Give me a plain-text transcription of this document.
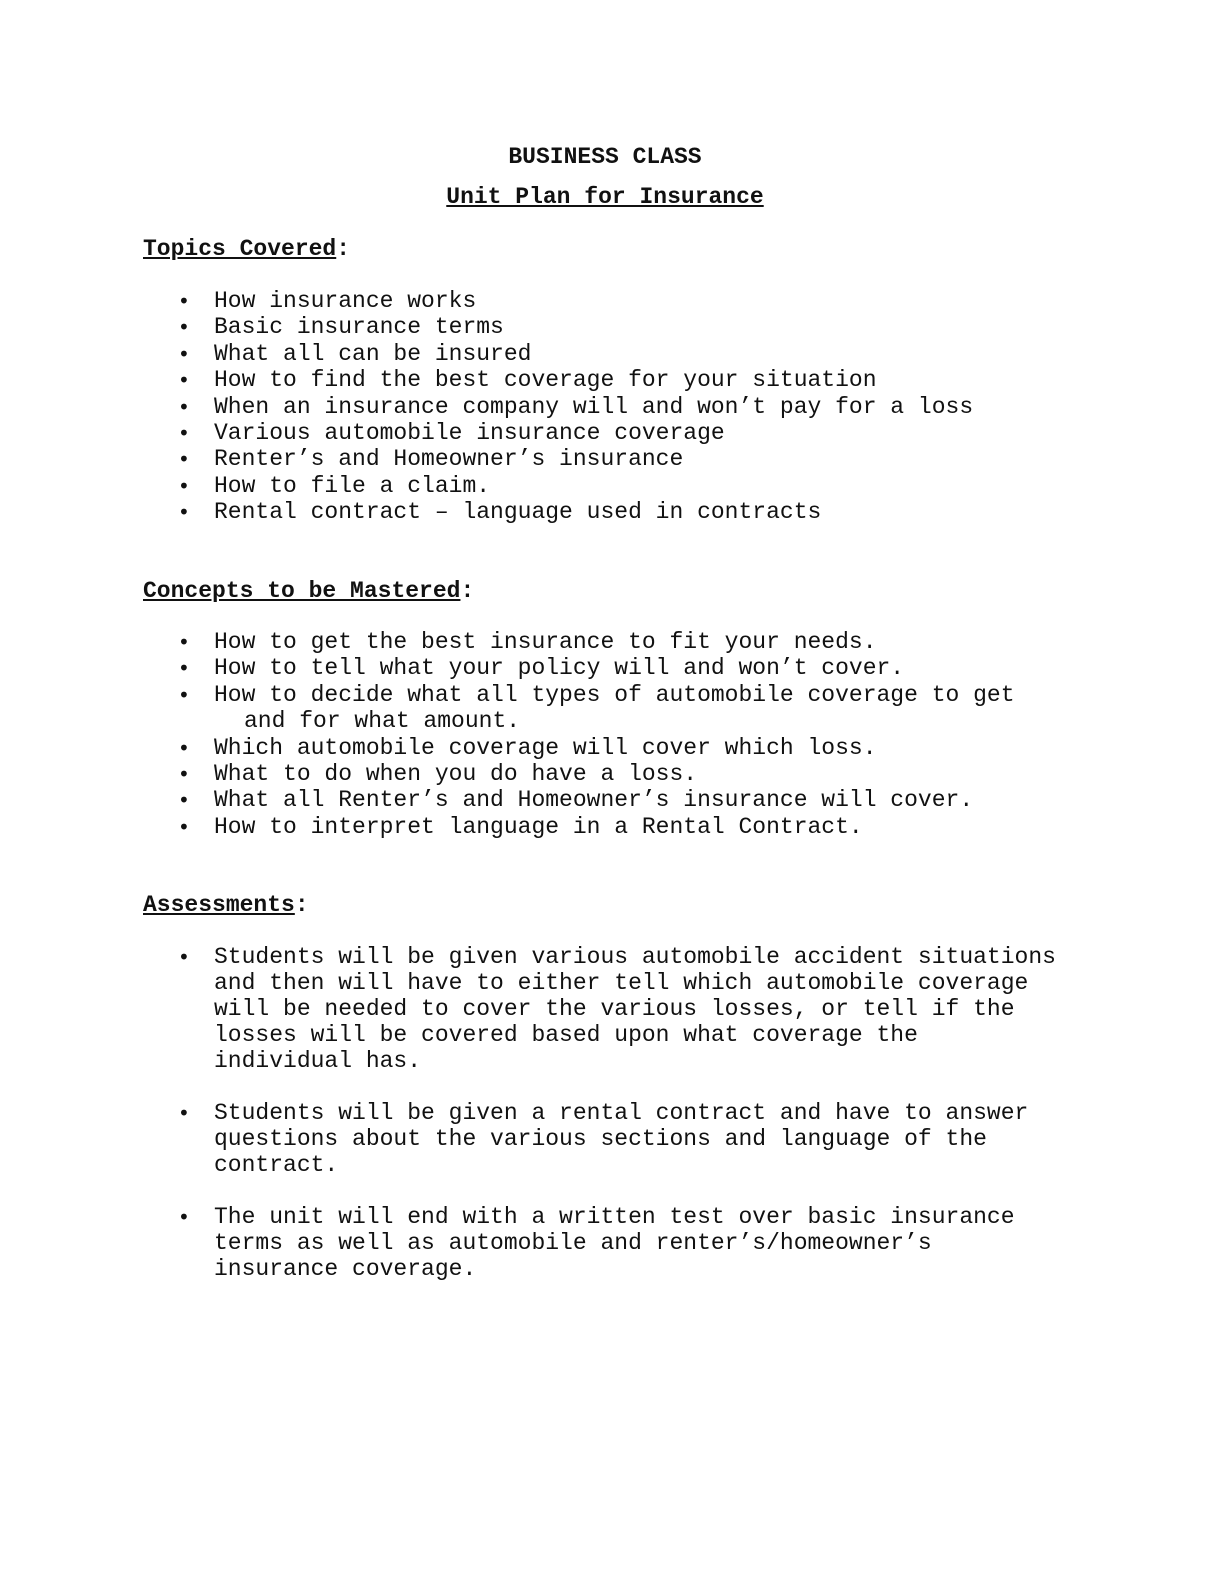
BUSINESS CLASS
Unit Plan for Insurance
Topics Covered:
• How insurance works
• Basic insurance terms
• What all can be insured
• How to find the best coverage for your situation
• When an insurance company will and won’t pay for a loss
• Various automobile insurance coverage
• Renter’s and Homeowner’s insurance
• How to file a claim.
• Rental contract – language used in contracts
Concepts to be Mastered:
• How to get the best insurance to fit your needs.
• How to tell what your policy will and won’t cover.
• How to decide what all types of automobile coverage to get and for what amount.
• Which automobile coverage will cover which loss.
• What to do when you do have a loss.
• What all Renter’s and Homeowner’s insurance will cover.
• How to interpret language in a Rental Contract.
Assessments:
• Students will be given various automobile accident situations and then will have to either tell which automobile coverage will be needed to cover the various losses, or tell if the losses will be covered based upon what coverage the individual has.
• Students will be given a rental contract and have to answer questions about the various sections and language of the contract.
• The unit will end with a written test over basic insurance terms as well as automobile and renter’s/homeowner’s insurance coverage.
